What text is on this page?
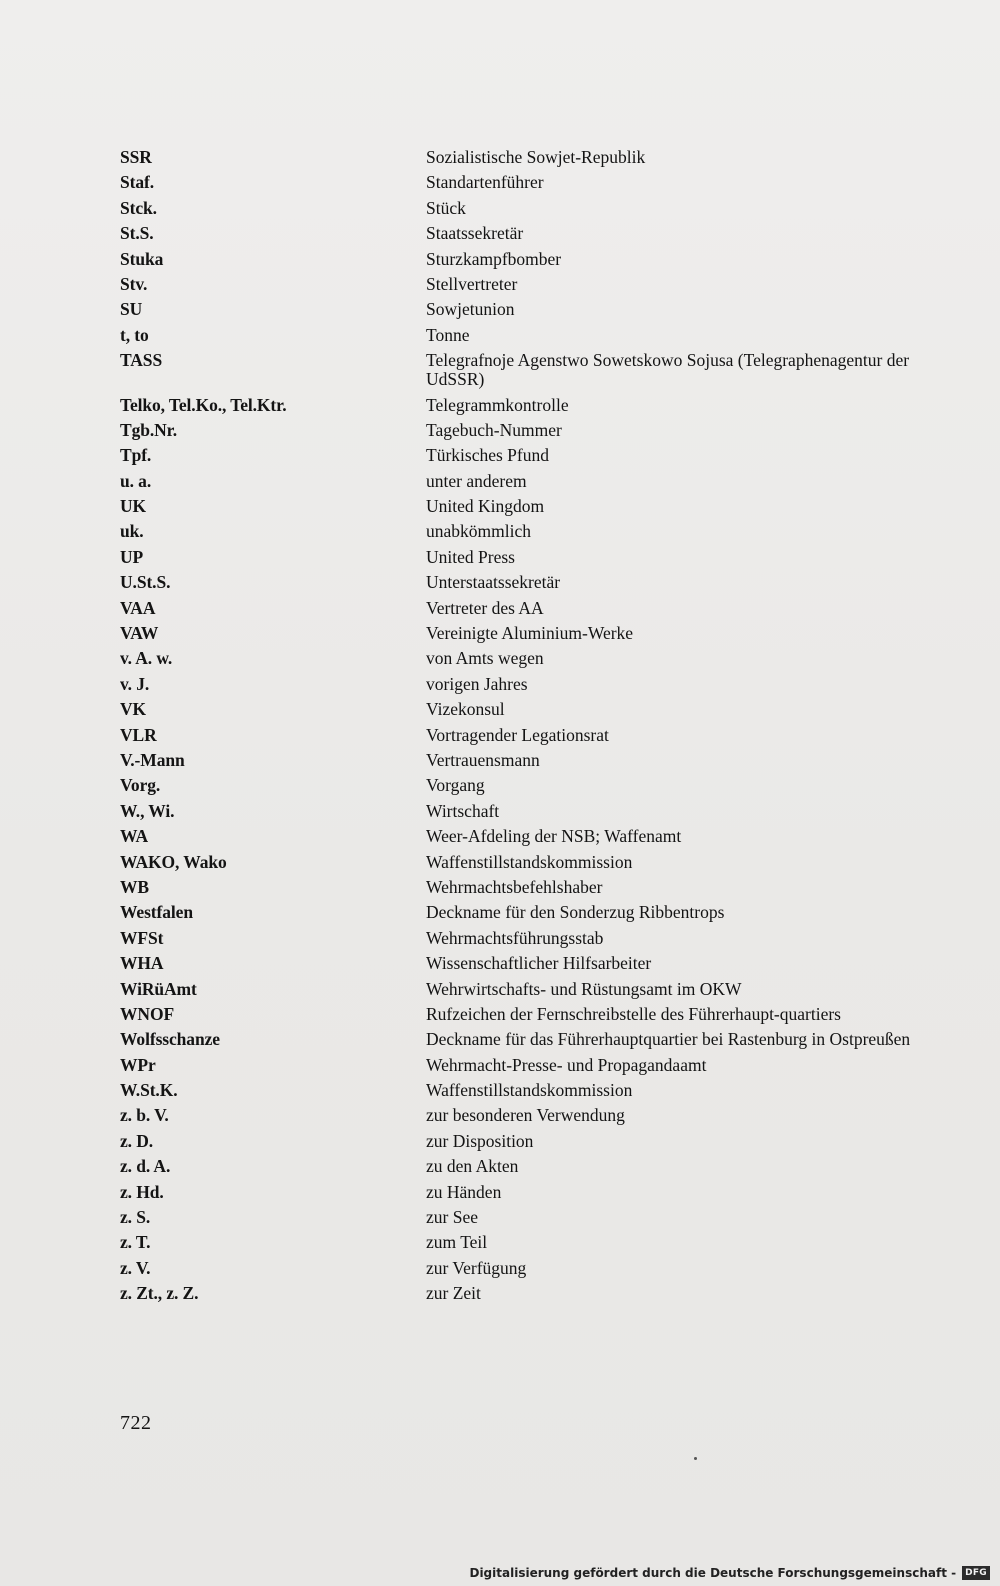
SSR	Sozialistische Sowjet-Republik
Staf.	Standartenführer
Stck.	Stück
St.S.	Staatssekretär
Stuka	Sturzkampfbomber
Stv.	Stellvertreter
SU	Sowjetunion
t, to	Tonne
TASS	Telegrafnoje Agenstwo Sowetskowo Sojusa (Telegraphenagentur der UdSSR)
Telko, Tel.Ko., Tel.Ktr.	Telegrammkontrolle
Tgb.Nr.	Tagebuch-Nummer
Tpf.	Türkisches Pfund
u. a.	unter anderem
UK	United Kingdom
uk.	unabkömmlich
UP	United Press
U.St.S.	Unterstaatssekretär
VAA	Vertreter des AA
VAW	Vereinigte Aluminium-Werke
v. A. w.	von Amts wegen
v. J.	vorigen Jahres
VK	Vizekonsul
VLR	Vortragender Legationsrat
V.-Mann	Vertrauensmann
Vorg.	Vorgang
W., Wi.	Wirtschaft
WA	Weer-Afdeling der NSB; Waffenamt
WAKO, Wako	Waffenstillstandskommission
WB	Wehrmachtsbefehlshaber
Westfalen	Deckname für den Sonderzug Ribbentrops
WFSt	Wehrmachtsführungsstab
WHA	Wissenschaftlicher Hilfsarbeiter
WiRüAmt	Wehrwirtschafts- und Rüstungsamt im OKW
WNOF	Rufzeichen der Fernschreibstelle des Führerhaupt-quartiers
Wolfsschanze	Deckname für das Führerhauptquartier bei Rastenburg in Ostpreußen
WPr	Wehrmacht-Presse- und Propagandaamt
W.St.K.	Waffenstillstandskommission
z. b. V.	zur besonderen Verwendung
z. D.	zur Disposition
z. d. A.	zu den Akten
z. Hd.	zu Händen
z. S.	zur See
z. T.	zum Teil
z. V.	zur Verfügung
z. Zt., z. Z.	zur Zeit
722
Digitalisierung gefördert durch die Deutsche Forschungsgemeinschaft -	DFG
